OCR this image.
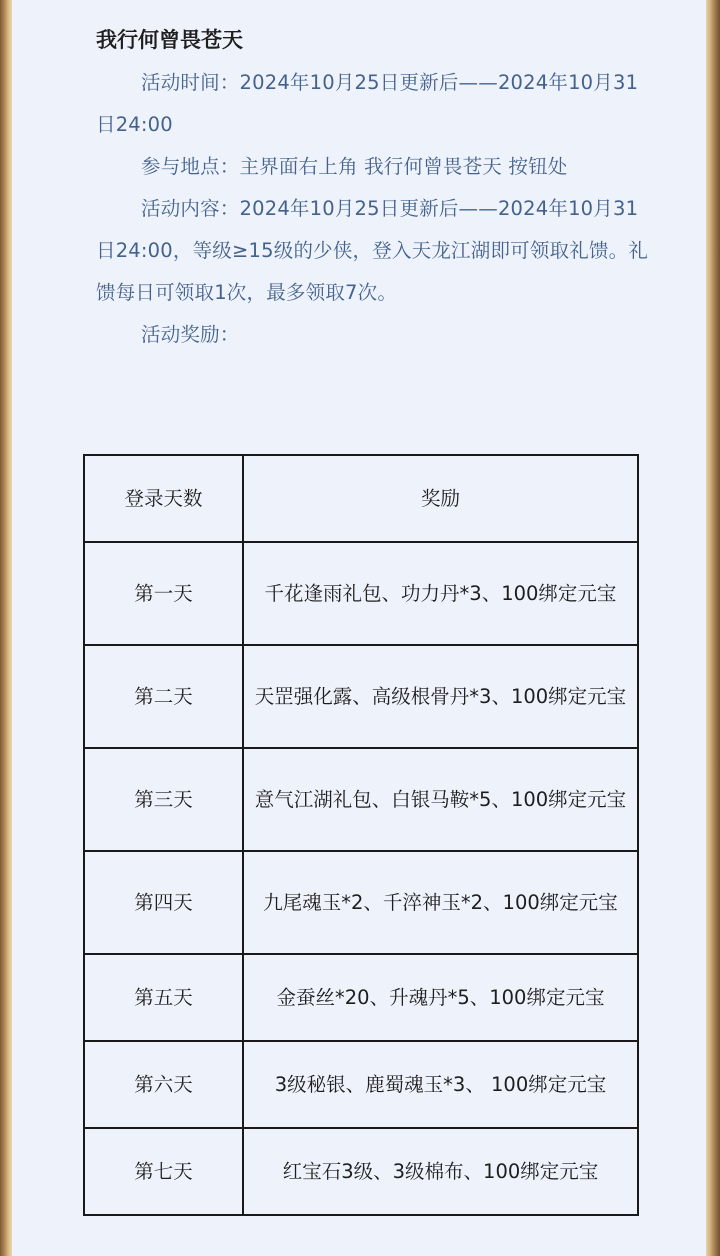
我行何曾畏苍天

活动时间：2024年10月25日更新后——2024年10月31日24:00

参与地点：主界面右上角 我行何曾畏苍天 按钮处

活动内容：2024年10月25日更新后——2024年10月31日24:00，等级≥15级的少侠，登入天龙江湖即可领取礼馈。礼馈每日可领取1次，最多领取7次。

活动奖励：

登录天数	奖励
第一天	千花逢雨礼包、功力丹*3、100绑定元宝
第二天	天罡强化露、高级根骨丹*3、100绑定元宝
第三天	意气江湖礼包、白银马鞍*5、100绑定元宝
第四天	九尾魂玉*2、千淬神玉*2、100绑定元宝
第五天	金蚕丝*20、升魂丹*5、100绑定元宝
第六天	3级秘银、鹿蜀魂玉*3、 100绑定元宝
第七天	红宝石3级、3级棉布、100绑定元宝
